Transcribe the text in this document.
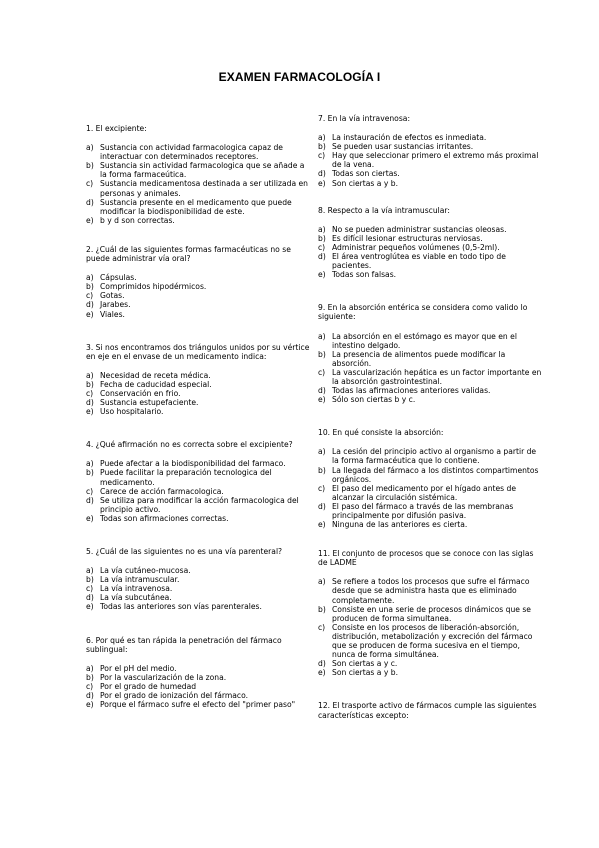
EXAMEN FARMACOLOGÍA I

1. El excipiente:

a) Sustancia con actividad farmacologica capaz de interactuar con determinados receptores.
b) Sustancia sin actividad farmacologica que se añade a la forma farmaceútica.
c) Sustancia medicamentosa destinada a ser utilizada en personas y animales.
d) Sustancia presente en el medicamento que puede modificar la biodisponibilidad de este.
e) b y d son correctas.

2. ¿Cuál de las siguientes formas farmacéuticas no se puede administrar vía oral?

a) Cápsulas.
b) Comprimidos hipodérmicos.
c) Gotas.
d) Jarabes.
e) Viales.

3. Si nos encontramos dos triángulos unidos por su vértice en eje en el envase de un medicamento indica:

a) Necesidad de receta médica.
b) Fecha de caducidad especial.
c) Conservación en frio.
d) Sustancia estupefaciente.
e) Uso hospitalario.

4. ¿Qué afirmación no es correcta sobre el excipiente?

a) Puede afectar a la biodisponibilidad del farmaco.
b) Puede facilitar la preparación tecnologica del medicamento.
c) Carece de acción farmacologica.
d) Se utiliza para modificar la acción farmacologica del principio activo.
e) Todas son afirmaciones correctas.

5. ¿Cuál de las siguientes no es una vía parenteral?

a) La vía cutáneo-mucosa.
b) La vía intramuscular.
c) La vía intravenosa.
d) La vía subcutánea.
e) Todas las anteriores son vías parenterales.

6. Por qué es tan rápida la penetración del fármaco sublingual:

a) Por el pH del medio.
b) Por la vascularización de la zona.
c) Por el grado de humedad
d) Por el grado de ionización del fármaco.
e) Porque el fármaco sufre el efecto del "primer paso"

7. En la vía intravenosa:

a) La instauración de efectos es inmediata.
b) Se pueden usar sustancias irritantes.
c) Hay que seleccionar primero el extremo más proximal de la vena.
d) Todas son ciertas.
e) Son ciertas a y b.

8. Respecto a la vía intramuscular:

a) No se pueden administrar sustancias oleosas.
b) Es difícil lesionar estructuras nerviosas.
c) Administrar pequeños volúmenes (0,5-2ml).
d) El área ventroglútea es viable en todo tipo de pacientes.
e) Todas son falsas.

9. En la absorción entérica se considera como valido lo siguiente:

a) La absorción en el estómago es mayor que en el intestino delgado.
b) La presencia de alimentos puede modificar la absorción.
c) La vascularización hepática es un factor importante en la absorción gastrointestinal.
d) Todas las afirmaciones anteriores validas.
e) Sólo son ciertas b y c.

10. En qué consiste la absorción:

a) La cesión del principio activo al organismo a partir de la forma farmacéutica que lo contiene.
b) La llegada del fármaco a los distintos compartimentos orgánicos.
c) El paso del medicamento por el hígado antes de alcanzar la circulación sistémica.
d) El paso del fármaco a través de las membranas principalmente por difusión pasiva.
e) Ninguna de las anteriores es cierta.

11. El conjunto de procesos que se conoce con las siglas de LADME

a) Se refiere a todos los procesos que sufre el fármaco desde que se administra hasta que es eliminado completamente.
b) Consiste en una serie de procesos dinámicos que se producen de forma simultanea.
c) Consiste en los procesos de liberación-absorción, distribución, metabolización y excreción del fármaco que se producen de forma sucesiva en el tiempo, nunca de forma simultánea.
d) Son ciertas a y c.
e) Son ciertas a y b.

12. El trasporte activo de fármacos cumple las siguientes características excepto:
